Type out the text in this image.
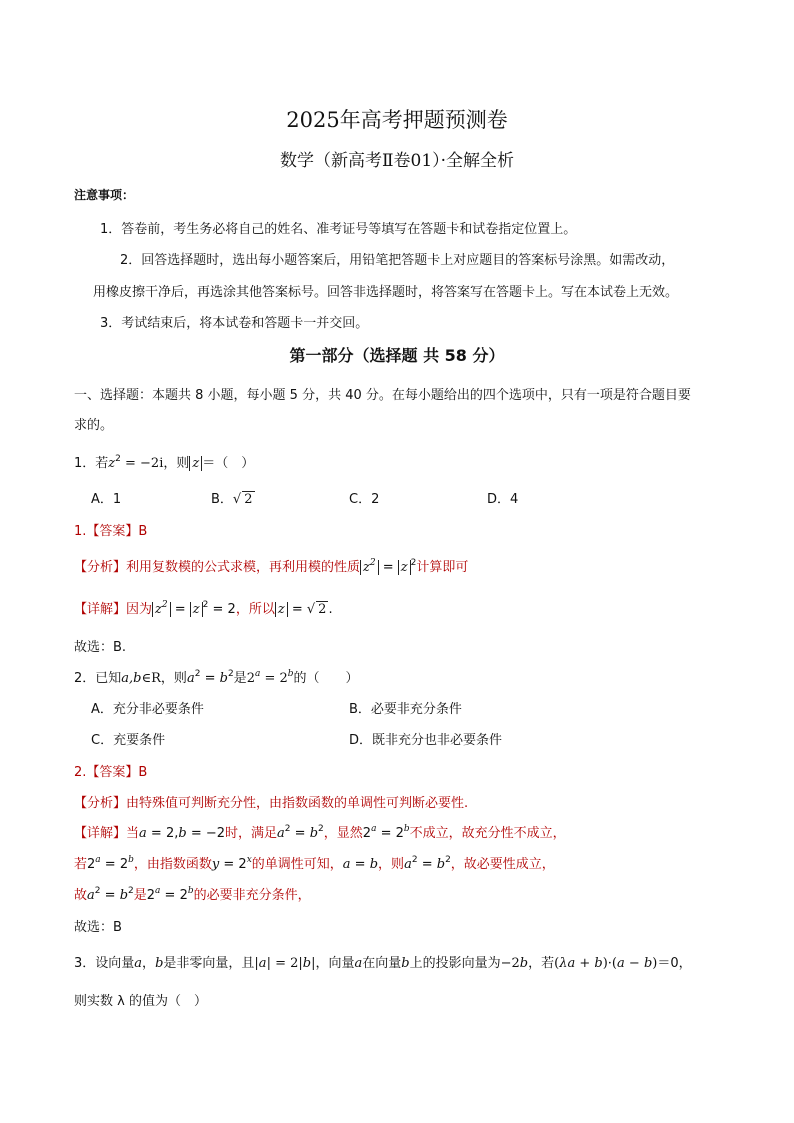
2025年高考押题预测卷
数学（新高考Ⅱ卷01）·全解全析
注意事项：
1．答卷前，考生务必将自己的姓名、准考证号等填写在答题卡和试卷指定位置上。
2．回答选择题时，选出每小题答案后，用铅笔把答题卡上对应题目的答案标号涂黑。如需改动，
用橡皮擦干净后，再选涂其他答案标号。回答非选择题时，将答案写在答题卡上。写在本试卷上无效。
3．考试结束后，将本试卷和答题卡一并交回。
第一部分（选择题 共 58 分）
一、选择题：本题共 8 小题，每小题 5 分，共 40 分。在每小题给出的四个选项中，只有一项是符合题目要
求的。
1．若$z^2 = -2i$，则 z ＝（　）
A．1	B．√ 2	C．2	D．4
1.【答案】B
【分析】利用复数模的公式求模，再利用模的性质 $z^2 = z$ $^2$计算即可
【详解】因为 $z^2 = z$ $^2$ = 2，所以 z = √ 2 .
故选：B.
2．已知a,b∈R，则$a^2 = b^2$是$2^a = 2^b$的（　　）
A．充分非必要条件	B．必要非充分条件
C．充要条件	D．既非充分也非必要条件
2.【答案】B
【分析】由特殊值可判断充分性，由指数函数的单调性可判断必要性.
【详解】当a = 2,b = −2时，满足$a^2 = b^2$，显然$2^a = 2^b$不成立，故充分性不成立，
若$2^a = 2^b$，由指数函数$y = 2^x$的单调性可知，a = b，则$a^2 = b^2$，故必要性成立，
故$a^2 = b^2$是$2^a = 2^b$的必要非充分条件，
故选：B
3．设向量a，b是非零向量，且|a| = 2|b|，向量a在向量b上的投影向量为−2b，若(λa + b)·(a − b)＝0，
则实数 λ 的值为（　）
